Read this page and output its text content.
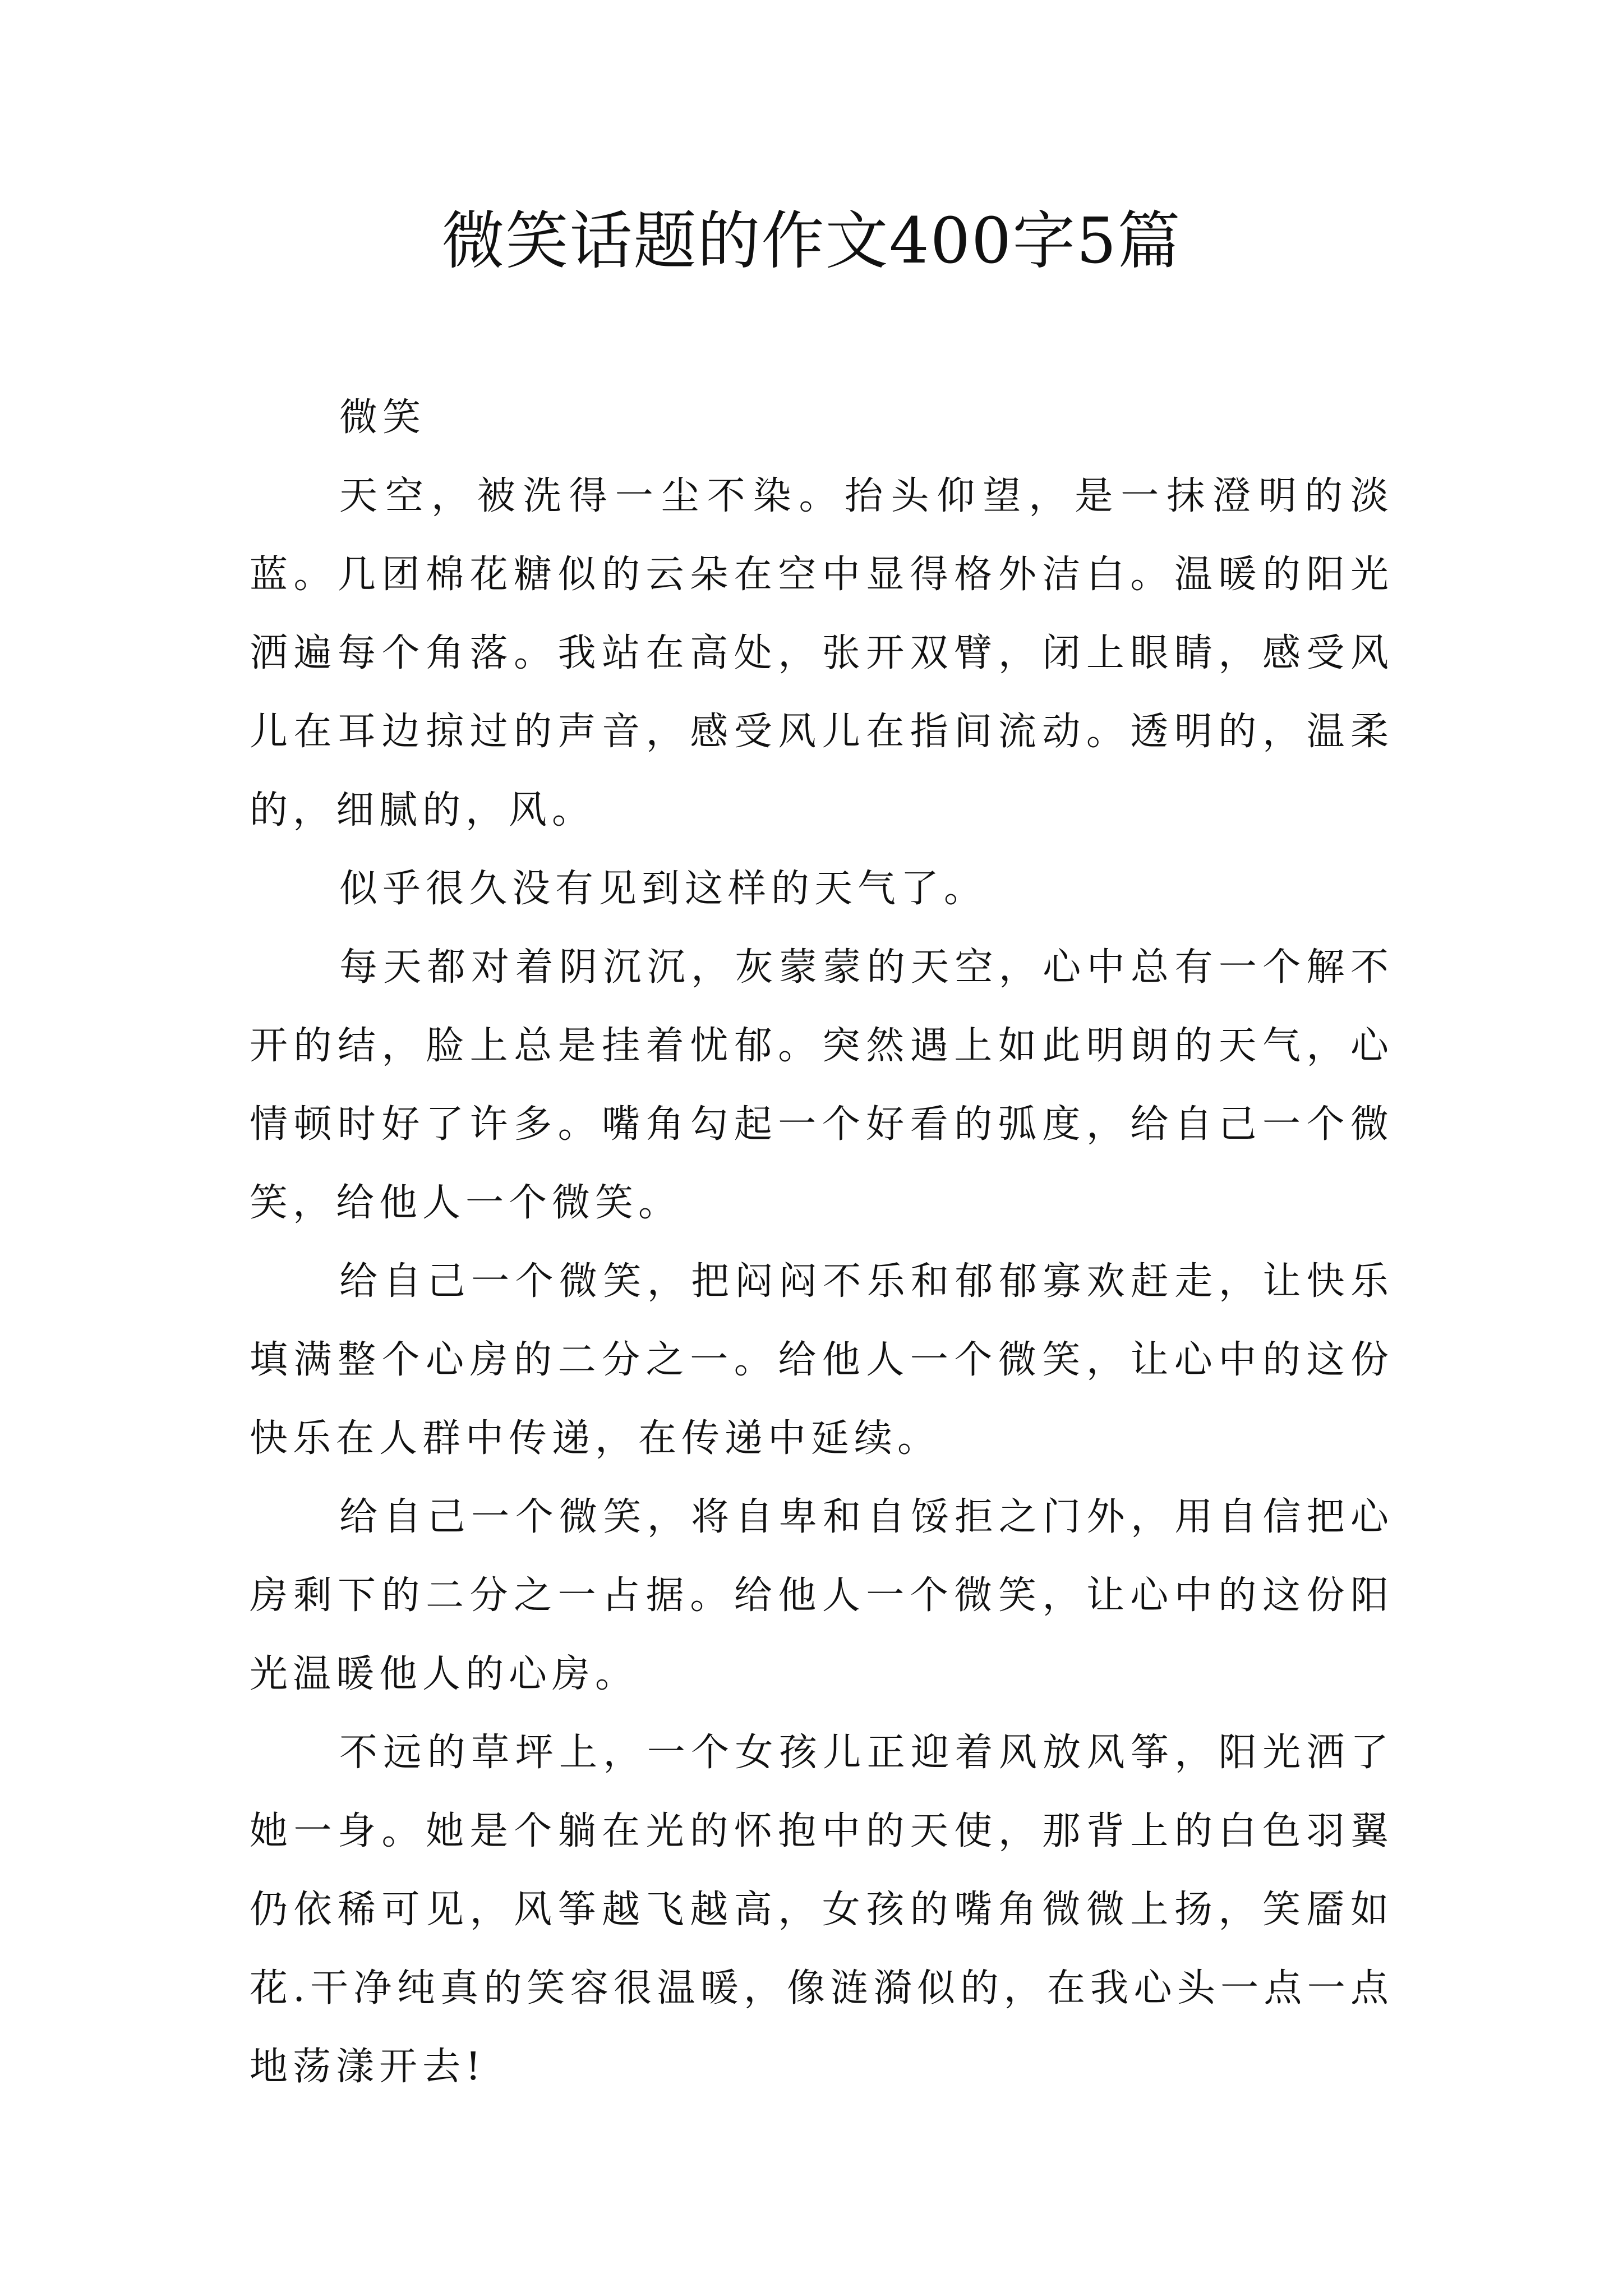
微笑话题的作文400字5篇

微笑

天空，被洗得一尘不染。抬头仰望，是一抹澄明的淡蓝。几团棉花糖似的云朵在空中显得格外洁白。温暖的阳光洒遍每个角落。我站在高处，张开双臂，闭上眼睛，感受风儿在耳边掠过的声音，感受风儿在指间流动。透明的，温柔的，细腻的，风。

似乎很久没有见到这样的天气了。

每天都对着阴沉沉，灰蒙蒙的天空，心中总有一个解不开的结，脸上总是挂着忧郁。突然遇上如此明朗的天气，心情顿时好了许多。嘴角勾起一个好看的弧度，给自己一个微笑，给他人一个微笑。

给自己一个微笑，把闷闷不乐和郁郁寡欢赶走，让快乐填满整个心房的二分之一。给他人一个微笑，让心中的这份快乐在人群中传递，在传递中延续。

给自己一个微笑，将自卑和自馁拒之门外，用自信把心房剩下的二分之一占据。给他人一个微笑，让心中的这份阳光温暖他人的心房。

不远的草坪上，一个女孩儿正迎着风放风筝，阳光洒了她一身。她是个躺在光的怀抱中的天使，那背上的白色羽翼仍依稀可见，风筝越飞越高，女孩的嘴角微微上扬，笑靥如花.干净纯真的笑容很温暖，像涟漪似的，在我心头一点一点地荡漾开去!
